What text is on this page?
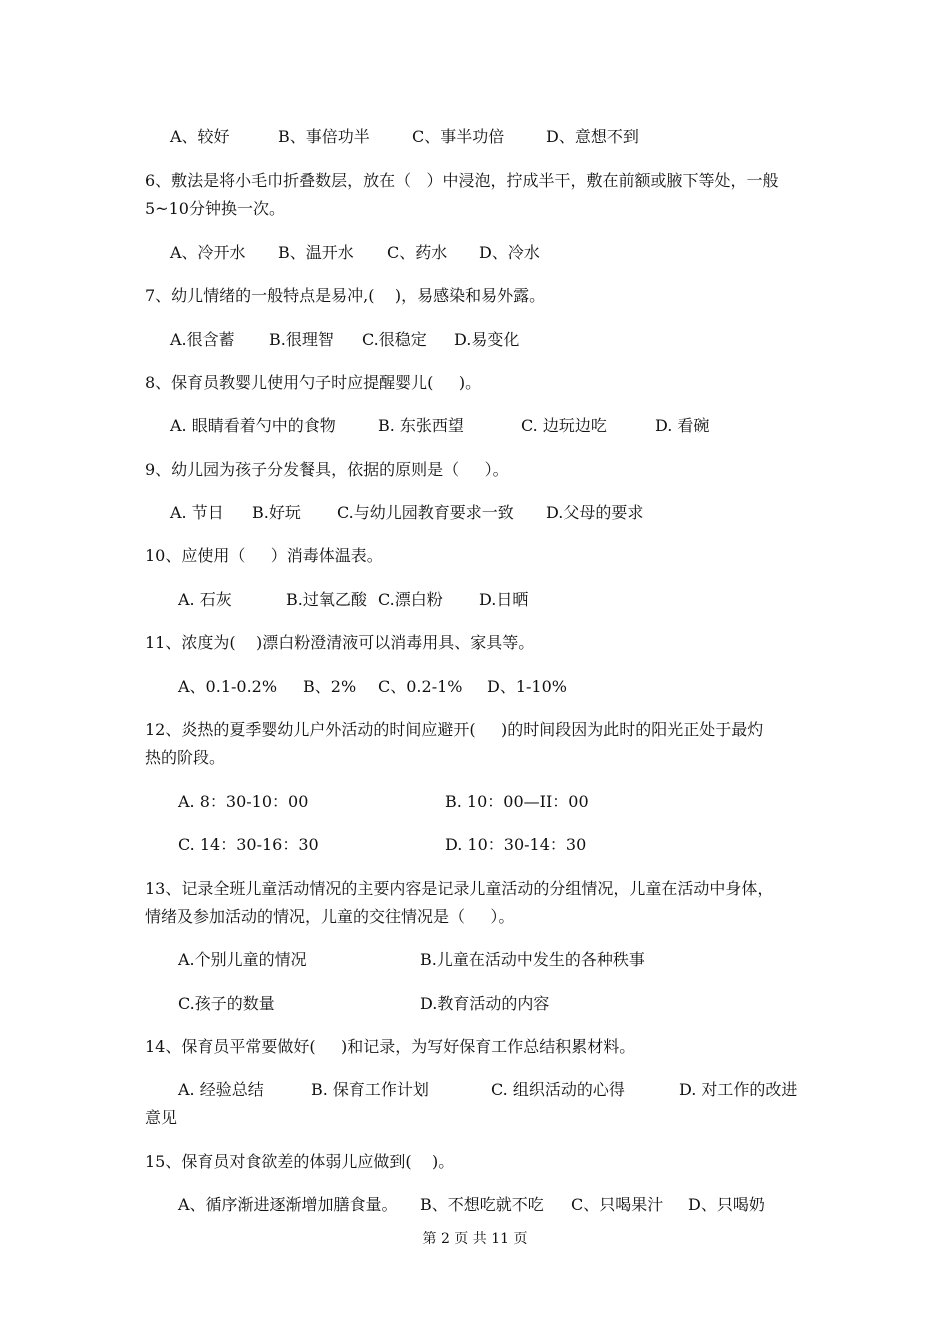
A、较好	B、事倍功半	C、事半功倍	D、意想不到
6、敷法是将小毛巾折叠数层，放在（   ）中浸泡，拧成半干，敷在前额或腋下等处，一般
5~10分钟换一次。
A、冷开水 B、温开水 C、药水 D、冷水
7、幼儿情绪的一般特点是易冲,(    )，易感染和易外露。
A.很含蓄 B.很理智 C.很稳定 D.易变化
8、保育员教婴儿使用勺子时应提醒婴儿(     )。
A. 眼睛看着勺中的食物	B. 东张西望	C. 边玩边吃	D. 看碗
9、幼儿园为孩子分发餐具，依据的原则是（     ）。
A. 节日 B.好玩 C.与幼儿园教育要求一致 D.父母的要求
10、应使用（     ）消毒体温表。
A. 石灰	B.过氧乙酸 C.漂白粉 D.日晒
11、浓度为(    )漂白粉澄清液可以消毒用具、家具等。
A、0.1-0.2% B、2% C、0.2-1% D、1-10%
12、炎热的夏季婴幼儿户外活动的时间应避开(     )的时间段因为此时的阳光正处于最灼
热的阶段。
A. 8：30-10：00	B. 10：00—II：00
C. 14：30-16：30	D. 10：30-14：30
13、记录全班儿童活动情况的主要内容是记录儿童活动的分组情况，儿童在活动中身体，
情绪及参加活动的情况，儿童的交往情况是（     ）。
A.个别儿童的情况	B.儿童在活动中发生的各种秩事
C.孩子的数量	D.教育活动的内容
14、保育员平常要做好(     )和记录，为写好保育工作总结积累材料。
A. 经验总结	B. 保育工作计划	C. 组织活动的心得	D. 对工作的改进
意见
15、保育员对食欲差的体弱儿应做到(    )。
A、循序渐进逐渐增加膳食量。 B、不想吃就不吃 C、只喝果汁 D、只喝奶
第 2 页 共 11 页
